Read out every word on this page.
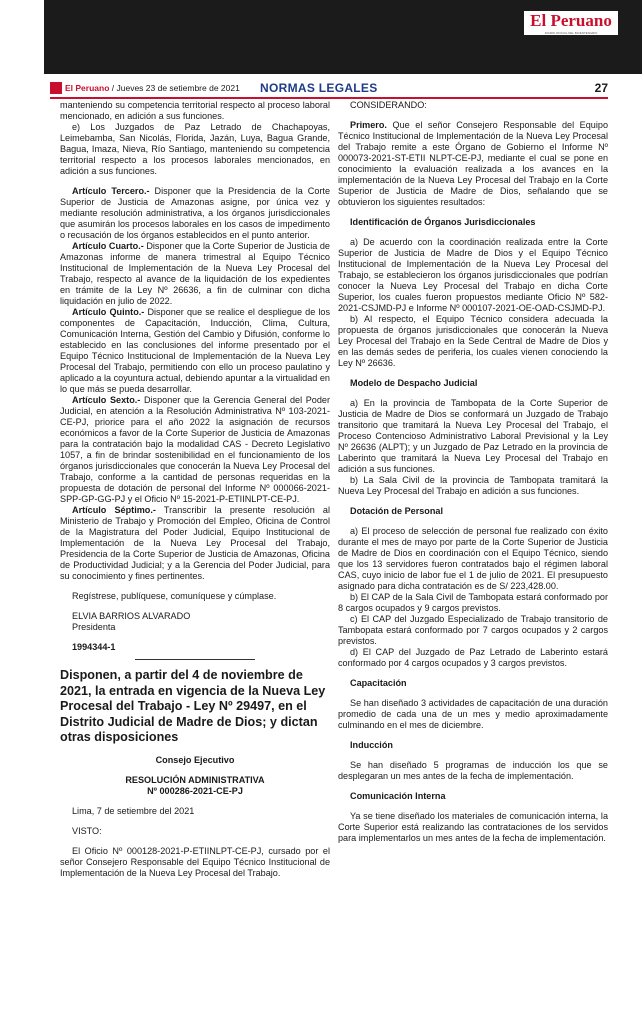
El Peruano
DIARIO OFICIAL DEL BICENTENARIO
El Peruano / Jueves 23 de setiembre de 2021 NORMAS LEGALES	27

manteniendo su competencia territorial respecto al proceso laboral mencionado, en adición a sus funciones.

e) Los Juzgados de Paz Letrado de Chachapoyas, Leimebamba, San Nicolás, Florida, Jazán, Luya, Bagua Grande, Bagua, Imaza, Nieva, Río Santiago, manteniendo su competencia territorial respecto a los procesos laborales mencionados, en adición a sus funciones.

Artículo Tercero.- Disponer que la Presidencia de la Corte Superior de Justicia de Amazonas asigne, por única vez y mediante resolución administrativa, a los órganos jurisdiccionales que asumirán los procesos laborales en los casos de impedimento o recusación de los órganos establecidos en el punto anterior.

Artículo Cuarto.- Disponer que la Corte Superior de Justicia de Amazonas informe de manera trimestral al Equipo Técnico Institucional de Implementación de la Nueva Ley Procesal del Trabajo, respecto al avance de la liquidación de los expedientes en trámite de la Ley Nº 26636, a fin de culminar con dicha liquidación en julio de 2022.

Artículo Quinto.- Disponer que se realice el despliegue de los componentes de Capacitación, Inducción, Clima, Cultura, Comunicación Interna, Gestión del Cambio y Difusión, conforme lo establecido en las conclusiones del informe presentado por el Equipo Técnico Institucional de Implementación de la Nueva Ley Procesal del Trabajo, permitiendo con ello un proceso paulatino y aplicado a la coyuntura actual, debiendo apuntar a la virtualidad en lo que más se pueda desarrollar.

Artículo Sexto.- Disponer que la Gerencia General del Poder Judicial, en atención a la Resolución Administrativa Nº 103-2021-CE-PJ, priorice para el año 2022 la asignación de recursos económicos a favor de la Corte Superior de Justicia de Amazonas para la contratación bajo la modalidad CAS - Decreto Legislativo 1057, a fin de brindar sostenibilidad en el funcionamiento de los órganos jurisdiccionales que conocerán la Nueva Ley Procesal del Trabajo, conforme a la cantidad de personas requeridas en la propuesta de dotación de personal del Informe Nº 000066-2021-SPP-GP-GG-PJ y el Oficio Nº 15-2021-P-ETIINLPT-CE-PJ.

Artículo Séptimo.- Transcribir la presente resolución al Ministerio de Trabajo y Promoción del Empleo, Oficina de Control de la Magistratura del Poder Judicial, Equipo Institucional de Implementación de la Nueva Ley Procesal del Trabajo, Presidencia de la Corte Superior de Justicia de Amazonas, Oficina de Productividad Judicial; y a la Gerencia del Poder Judicial, para su conocimiento y fines pertinentes.

Regístrese, publíquese, comuníquese y cúmplase.

ELVIA BARRIOS ALVARADO

Presidenta

1994344-1

Disponen, a partir del 4 de noviembre de 2021, la entrada en vigencia de la Nueva Ley Procesal del Trabajo - Ley Nº 29497, en el Distrito Judicial de Madre de Dios; y dictan otras disposiciones

Consejo Ejecutivo

RESOLUCIÓN ADMINISTRATIVA

Nº 000286-2021-CE-PJ

Lima, 7 de setiembre del 2021

VISTO:

El Oficio Nº 000128-2021-P-ETIINLPT-CE-PJ, cursado por el señor Consejero Responsable del Equipo Técnico Institucional de Implementación de la Nueva Ley Procesal del Trabajo.

CONSIDERANDO:

Primero. Que el señor Consejero Responsable del Equipo Técnico Institucional de Implementación de la Nueva Ley Procesal del Trabajo remite a este Órgano de Gobierno el Informe Nº 000073-2021-ST-ETII NLPT-CE-PJ, mediante el cual se pone en conocimiento la evaluación realizada a los avances en la implementación de la Nueva Ley Procesal del Trabajo en la Corte Superior de Justicia de Madre de Dios, señalando que se obtuvieron los siguientes resultados:

Identificación de Órganos Jurisdiccionales

a) De acuerdo con la coordinación realizada entre la Corte Superior de Justicia de Madre de Dios y el Equipo Técnico Institucional de Implementación de la Nueva Ley Procesal del Trabajo, se establecieron los órganos jurisdiccionales que podrían conocer la Nueva Ley Procesal del Trabajo en dicha Corte Superior, los cuales fueron propuestos mediante Oficio Nº 582-2021-CSJMD-PJ e Informe Nº 000107-2021-OE-OAD-CSJMD-PJ.

b) Al respecto, el Equipo Técnico considera adecuada la propuesta de órganos jurisdiccionales que conocerán la Nueva Ley Procesal del Trabajo en la Sede Central de Madre de Dios y en las demás sedes de periferia, los cuales vienen conociendo la Ley Nº 26636.

Modelo de Despacho Judicial

a) En la provincia de Tambopata de la Corte Superior de Justicia de Madre de Dios se conformará un Juzgado de Trabajo transitorio que tramitará la Nueva Ley Procesal del Trabajo, el Proceso Contencioso Administrativo Laboral Previsional y la Ley Nº 26636 (ALPT); y un Juzgado de Paz Letrado en la provincia de Laberinto que tramitará la Nueva Ley Procesal del Trabajo en adición a sus funciones.

b) La Sala Civil de la provincia de Tambopata tramitará la Nueva Ley Procesal del Trabajo en adición a sus funciones.

Dotación de Personal

a) El proceso de selección de personal fue realizado con éxito durante el mes de mayo por parte de la Corte Superior de Justicia de Madre de Dios en coordinación con el Equipo Técnico, siendo que los 13 servidores fueron contratados bajo el régimen laboral CAS, cuyo inicio de labor fue el 1 de julio de 2021. El presupuesto asignado para dicha contratación es de S/ 223,428.00.

b) El CAP de la Sala Civil de Tambopata estará conformado por 8 cargos ocupados y 9 cargos previstos.

c) El CAP del Juzgado Especializado de Trabajo transitorio de Tambopata estará conformado por 7 cargos ocupados y 2 cargos previstos.

d) El CAP del Juzgado de Paz Letrado de Laberinto estará conformado por 4 cargos ocupados y 3 cargos previstos.

Capacitación

Se han diseñado 3 actividades de capacitación de una duración promedio de cada una de un mes y medio aproximadamente culminando en el mes de diciembre.

Inducción

Se han diseñado 5 programas de inducción los que se desplegaran un mes antes de la fecha de implementación.

Comunicación Interna

Ya se tiene diseñado los materiales de comunicación interna, la Corte Superior está realizando las contrataciones de los servidos para implementarlos un mes antes de la fecha de implementación.
